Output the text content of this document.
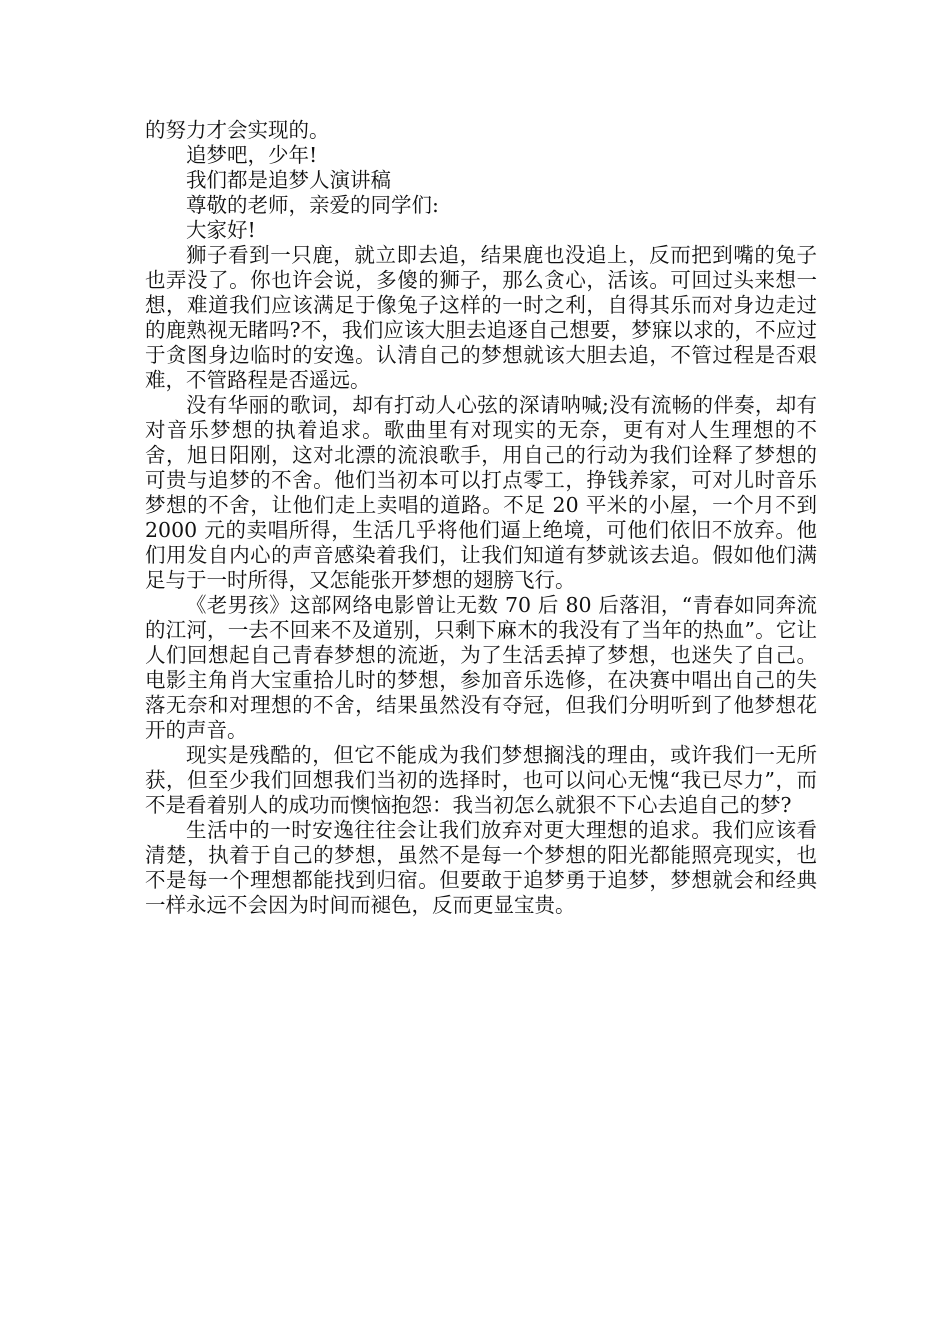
的努力才会实现的。

追梦吧，少年!

我们都是追梦人演讲稿

尊敬的老师，亲爱的同学们:

大家好!

狮子看到一只鹿，就立即去追，结果鹿也没追上，反而把到嘴的兔子也弄没了。你也许会说，多傻的狮子，那么贪心，活该。可回过头来想一想，难道我们应该满足于像兔子这样的一时之利，自得其乐而对身边走过的鹿熟视无睹吗?不，我们应该大胆去追逐自己想要，梦寐以求的，不应过于贪图身边临时的安逸。认清自己的梦想就该大胆去追，不管过程是否艰难，不管路程是否遥远。

没有华丽的歌词，却有打动人心弦的深请呐喊;没有流畅的伴奏，却有对音乐梦想的执着追求。歌曲里有对现实的无奈，更有对人生理想的不舍，旭日阳刚，这对北漂的流浪歌手，用自己的行动为我们诠释了梦想的可贵与追梦的不舍。他们当初本可以打点零工，挣钱养家，可对儿时音乐梦想的不舍，让他们走上卖唱的道路。不足 20 平米的小屋，一个月不到 2000 元的卖唱所得，生活几乎将他们逼上绝境，可他们依旧不放弃。他们用发自内心的声音感染着我们，让我们知道有梦就该去追。假如他们满足与于一时所得，又怎能张开梦想的翅膀飞行。

《老男孩》这部网络电影曾让无数 70 后 80 后落泪，“青春如同奔流的江河，一去不回来不及道别，只剩下麻木的我没有了当年的热血”。它让人们回想起自己青春梦想的流逝，为了生活丢掉了梦想，也迷失了自己。电影主角肖大宝重拾儿时的梦想，参加音乐选修，在决赛中唱出自己的失落无奈和对理想的不舍，结果虽然没有夺冠，但我们分明听到了他梦想花开的声音。

现实是残酷的，但它不能成为我们梦想搁浅的理由，或许我们一无所获，但至少我们回想我们当初的选择时，也可以问心无愧“我已尽力”，而不是看着别人的成功而懊恼抱怨：我当初怎么就狠不下心去追自己的梦?

生活中的一时安逸往往会让我们放弃对更大理想的追求。我们应该看清楚，执着于自己的梦想，虽然不是每一个梦想的阳光都能照亮现实，也不是每一个理想都能找到归宿。但要敢于追梦勇于追梦，梦想就会和经典一样永远不会因为时间而褪色，反而更显宝贵。
